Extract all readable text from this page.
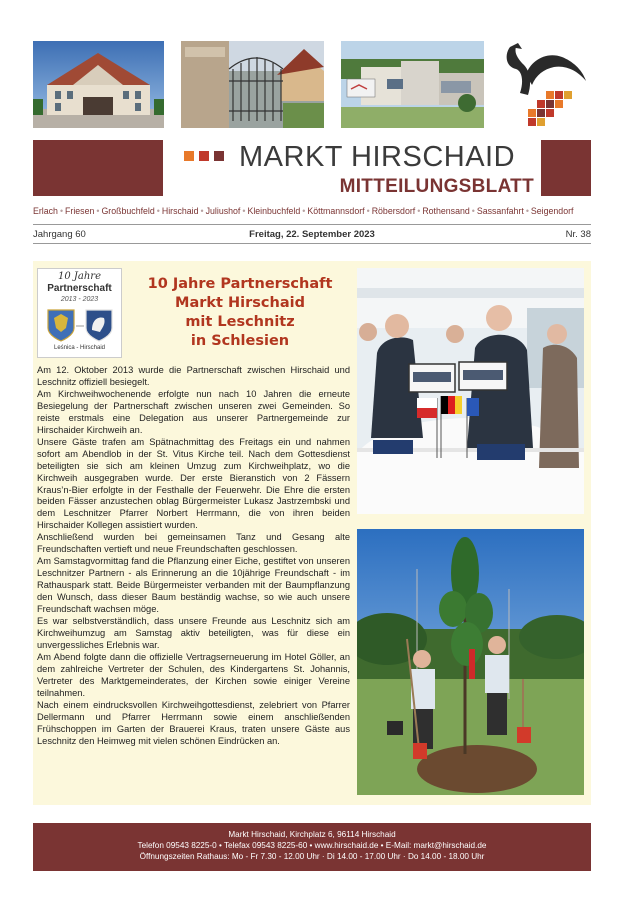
MARKT HIRSCHAID
MITTEILUNGSBLATT
Erlach • Friesen • Großbuchfeld • Hirschaid • Juliushof • Kleinbuchfeld • Köttmannsdorf • Röbersdorf • Rothensand • Sassanfahrt • Seigendorf
Jahrgang 60	Freitag, 22. September 2023	Nr. 38
10 Jahre
Partnerschaft
2013 - 2023
Leśnica - Hirschaid
10 Jahre Partnerschaft
Markt Hirschaid
mit Leschnitz
in Schlesien

Am 12. Oktober 2013 wurde die Partnerschaft zwischen Hirschaid und Leschnitz offiziell besiegelt.

Am Kirchweihwochenende erfolgte nun nach 10 Jahren die erneute Besiegelung der Partnerschaft zwischen unseren zwei Gemeinden. So reiste erstmals eine Delegation aus unserer Partnergemeinde zur Hirschaider Kirchweih an.

Unsere Gäste trafen am Spätnachmittag des Freitags ein und nahmen sofort am Abendlob in der St. Vitus Kirche teil. Nach dem Gottesdienst beteiligten sie sich am kleinen Umzug zum Kirchweihplatz, wo die Kirchweih ausgegraben wurde. Der erste Bieranstich von 2 Fässern Kraus’n-Bier erfolgte in der Festhalle der Feuerwehr. Die Ehre die ersten beiden Fässer anzustechen oblag Bürgermeister Lukasz Jastrzembski und dem Leschnitzer Pfarrer Norbert Herrmann, die von ihren beiden Hirschaider Kollegen assistiert wurden.

Anschließend wurden bei gemeinsamen Tanz und Gesang alte Freundschaften vertieft und neue Freundschaften geschlossen.

Am Samstagvormittag fand die Pflanzung einer Eiche, gestiftet von unseren Leschnitzer Partnern - als Erinnerung an die 10jährige Freundschaft - im Rathauspark statt. Beide Bürgermeister verbanden mit der Baumpflanzung den Wunsch, dass dieser Baum beständig wachse, so wie auch unsere Freundschaft wachsen möge.

Es war selbstverständlich, dass unsere Freunde aus Leschnitz sich am Kirchweihumzug am Samstag aktiv beteiligten, was für diese ein unvergessliches Erlebnis war.

Am Abend folgte dann die offizielle Vertragserneuerung im Hotel Göller, an dem zahlreiche Vertreter der Schulen, des Kindergartens St. Johannis, Vertreter des Marktgemeinderates, der Kirchen sowie einiger Vereine teilnahmen.

Nach einem eindrucksvollen Kirchweihgottesdienst, zelebriert von Pfarrer Dellermann und Pfarrer Herrmann sowie einem anschließenden Frühschoppen im Garten der Brauerei Kraus, traten unsere Gäste aus Leschnitz den Heimweg mit vielen schönen Eindrücken an.

Markt Hirschaid, Kirchplatz 6, 96114 Hirschaid
Telefon 09543 8225-0 • Telefax 09543 8225-60 • www.hirschaid.de • E-Mail: markt@hirschaid.de
Öffnungszeiten Rathaus: Mo - Fr 7.30 - 12.00 Uhr · Di 14.00 - 17.00 Uhr · Do 14.00 - 18.00 Uhr
